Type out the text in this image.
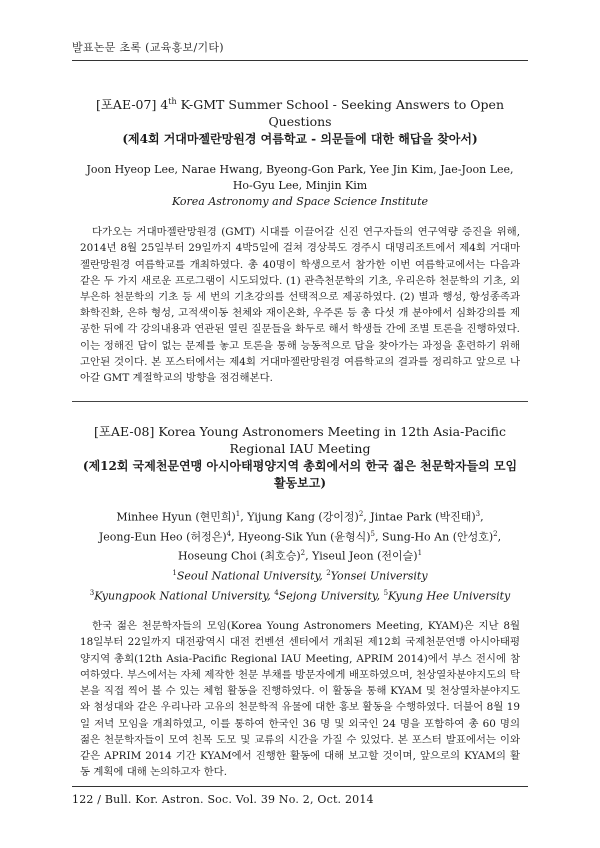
발표논문 초록 (교육홍보/기타)
[포AE-07] 4th K-GMT Summer School - Seeking Answers to Open Questions
(제4회 거대마젤란망원경 여름학교 - 의문들에 대한 해답을 찾아서)
Joon Hyeop Lee, Narae Hwang, Byeong-Gon Park, Yee Jin Kim, Jae-Joon Lee,
Ho-Gyu Lee, Minjin Kim
Korea Astronomy and Space Science Institute
다가오는 거대마젤란망원경 (GMT) 시대를 이끌어갈 신진 연구자들의 연구역량 증진을 위해, 2014년 8월 25일부터 29일까지 4박5일에 걸쳐 경상북도 경주시 대명리조트에서 제4회 거대마젤란망원경 여름학교를 개최하였다. 총 40명이 학생으로서 참가한 이번 여름학교에서는 다음과 같은 두 가지 새로운 프로그램이 시도되었다. (1) 관측천문학의 기초, 우리은하 천문학의 기초, 외부은하 천문학의 기초 등 세 번의 기초강의를 선택적으로 제공하였다. (2) 별과 행성, 항성종족과 화학진화, 은하 형성, 고적색이동 천체와 재이온화, 우주론 등 총 다섯 개 분야에서 심화강의를 제공한 뒤에 각 강의내용과 연관된 열린 질문들을 화두로 해서 학생들 간에 조별 토론을 진행하였다. 이는 정해진 답이 없는 문제를 놓고 토론을 통해 능동적으로 답을 찾아가는 과정을 훈련하기 위해 고안된 것이다. 본 포스터에서는 제4회 거대마젤란망원경 여름학교의 결과를 정리하고 앞으로 나아갈 GMT 계절학교의 방향을 점검해본다.
[포AE-08] Korea Young Astronomers Meeting in 12th Asia-Pacific Regional IAU Meeting
(제12회 국제천문연맹 아시아태평양지역 총회에서의 한국 젊은 천문학자들의 모임 활동보고)
Minhee Hyun (현민희)$^1$, Yijung Kang (강이정)$^2$, Jintae Park (박진태)$^3$,
Jeong-Eun Heo (허정은)$^4$, Hyeong-Sik Yun (윤형식)$^5$, Sung-Ho An (안성호)$^2$,
Hoseung Choi (최호승)$^2$, Yiseul Jeon (전이슬)$^1$
$^1$Seoul National University, $^2$Yonsei University
$^3$Kyungpook National University, $^4$Sejong University, $^5$Kyung Hee University
한국 젊은 천문학자들의 모임(Korea Young Astronomers Meeting, KYAM)은 지난 8월 18일부터 22일까지 대전광역시 대전 컨벤션 센터에서 개최된 제12회 국제천문연맹 아시아태평양지역 총회(12th Asia-Pacific Regional IAU Meeting, APRIM 2014)에서 부스 전시에 참여하였다. 부스에서는 자체 제작한 천문 부채를 방문자에게 배포하였으며, 천상열차분야지도의 탁본을 직접 찍어 볼 수 있는 체험 활동을 진행하였다. 이 활동을 통해 KYAM 및 천상열차분야지도와 첨성대와 같은 우리나라 고유의 천문학적 유물에 대한 홍보 활동을 수행하였다. 더불어 8월 19일 저녁 모임을 개최하였고, 이를 통하여 한국인 36 명 및 외국인 24 명을 포함하여 총 60 명의 젊은 천문학자들이 모여 친목 도모 및 교류의 시간을 가질 수 있었다. 본 포스터 발표에서는 이와 같은 APRIM 2014 기간 KYAM에서 진행한 활동에 대해 보고할 것이며, 앞으로의 KYAM의 활동 계획에 대해 논의하고자 한다.
122 / Bull. Kor. Astron. Soc. Vol. 39 No. 2, Oct. 2014
